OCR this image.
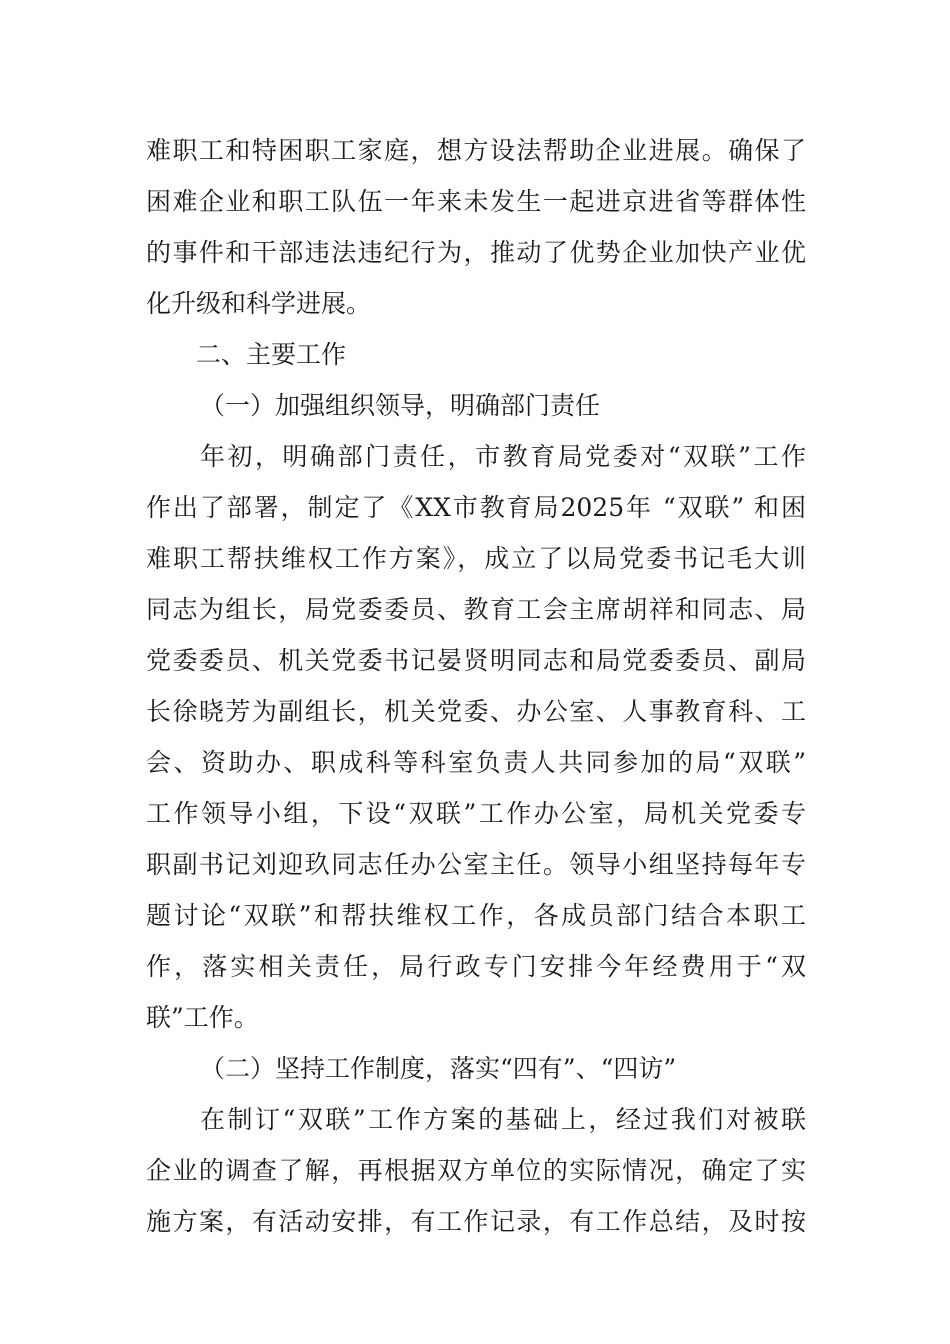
难职工和特困职工家庭，想方设法帮助企业进展。确保了
困难企业和职工队伍一年来未发生一起进京进省等群体性
的事件和干部违法违纪行为，推动了优势企业加快产业优
化升级和科学进展。
二、主要工作
（一）加强组织领导，明确部门责任
年初，明确部门责任，市教育局党委对“双联”工作
作出了部署，制定了《XX市教育局2025年 “双联” 和困
难职工帮扶维权工作方案》，成立了以局党委书记毛大训
同志为组长，局党委委员、教育工会主席胡祥和同志、局
党委委员、机关党委书记晏贤明同志和局党委委员、副局
长徐晓芳为副组长，机关党委、办公室、人事教育科、工
会、资助办、职成科等科室负责人共同参加的局“双联”
工作领导小组，下设“双联”工作办公室，局机关党委专
职副书记刘迎玖同志任办公室主任。领导小组坚持每年专
题讨论“双联”和帮扶维权工作，各成员部门结合本职工
作，落实相关责任，局行政专门安排今年经费用于“双
联”工作。
（二）坚持工作制度，落实“四有”、“四访”
在制订“双联”工作方案的基础上，经过我们对被联
企业的调查了解，再根据双方单位的实际情况，确定了实
施方案，有活动安排，有工作记录，有工作总结，及时按
